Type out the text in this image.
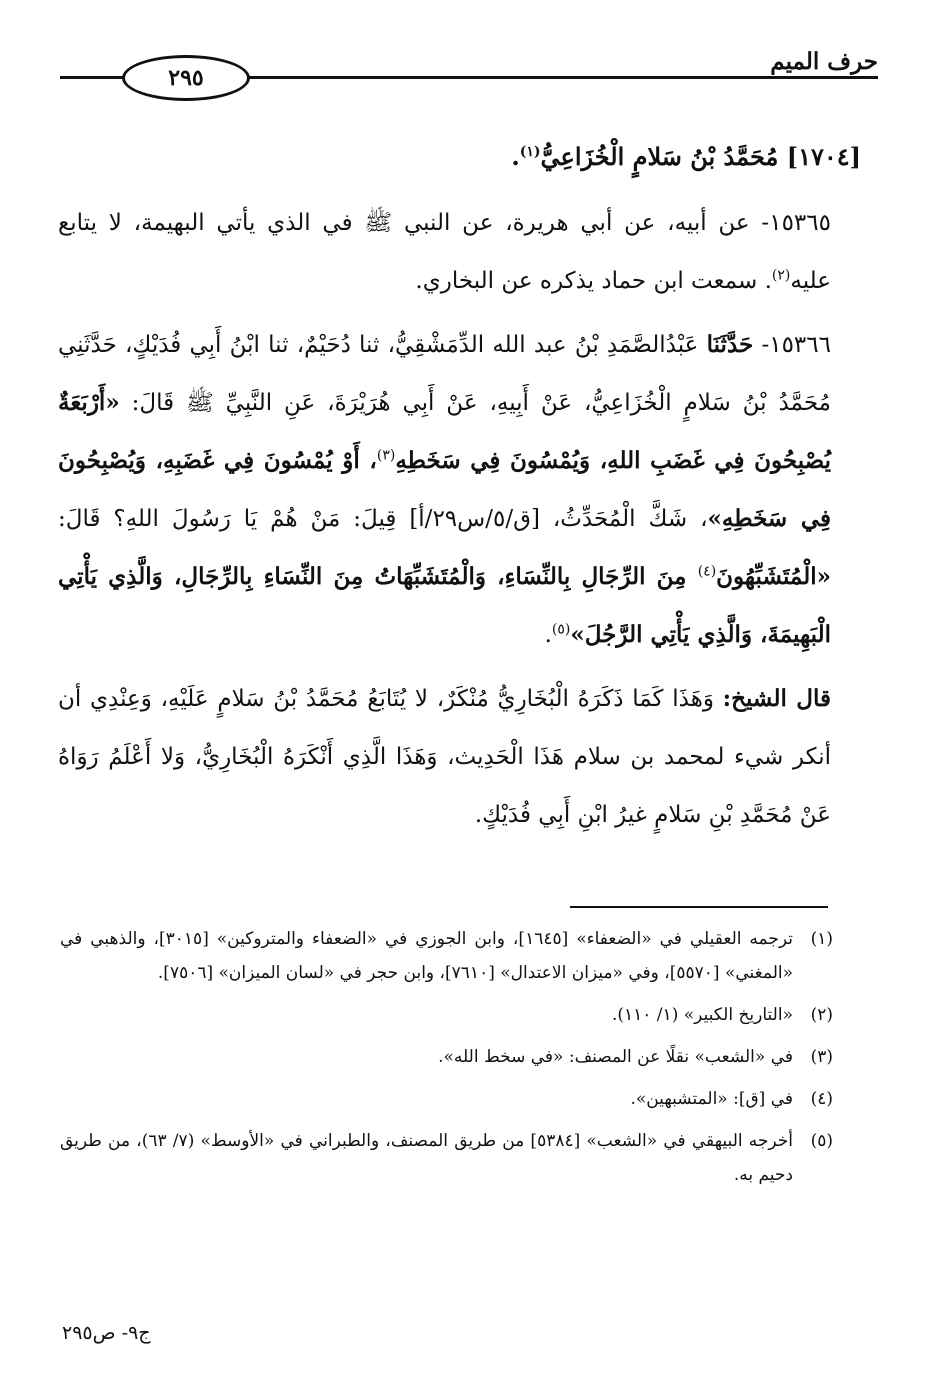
حرف الميم
٢٩٥

[١٧٠٤] مُحَمَّدُ بْنُ سَلامٍ الْخُزَاعِيُّ$^{(١)}$.

١٥٣٦٥- عن أبيه، عن أبي هريرة، عن النبي ﷺ في الذي يأتي البهيمة، لا يتابع عليه$^{(٢)}$. سمعت ابن حماد يذكره عن البخاري.

١٥٣٦٦- حَدَّثَنَا عَبْدُالصَّمَدِ بْنُ عبد الله الدِّمَشْقِيُّ، ثنا دُحَيْمٌ، ثنا ابْنُ أَبِي فُدَيْكٍ، حَدَّثَنِي مُحَمَّدُ بْنُ سَلامٍ الْخُزَاعِيُّ، عَنْ أَبِيهِ، عَنْ أَبِي هُرَيْرَةَ، عَنِ النَّبِيِّ ﷺ قَالَ: «أَرْبَعَةٌ يُصْبِحُونَ فِي غَضَبِ اللهِ، وَيُمْسُونَ فِي سَخَطِهِ$^{(٣)}$، أَوْ يُمْسُونَ فِي غَضَبِهِ، وَيُصْبِحُونَ فِي سَخَطِهِ»، شَكَّ الْمُحَدِّثُ، [ق/٥/س٢٩/أ] قِيلَ: مَنْ هُمْ يَا رَسُولَ اللهِ؟ قَالَ: «الْمُتَشَبِّهُونَ$^{(٤)}$ مِنَ الرِّجَالِ بِالنِّسَاءِ، وَالْمُتَشَبِّهَاتُ مِنَ النِّسَاءِ بِالرِّجَالِ، وَالَّذِي يَأْتِي الْبَهِيمَةَ، وَالَّذِي يَأْتِي الرَّجُلَ»$^{(٥)}$.

قال الشيخ: وَهَذَا كَمَا ذَكَرَهُ الْبُخَارِيُّ مُنْكَرٌ، لا يُتَابَعُ مُحَمَّدُ بْنُ سَلامٍ عَلَيْهِ، وَعِنْدِي أن أنكر شيء لمحمد بن سلام هَذَا الْحَدِيث، وَهَذَا الَّذِي أَنْكَرَهُ الْبُخَارِيُّ، وَلا أَعْلَمُ رَوَاهُ عَنْ مُحَمَّدِ بْنِ سَلامٍ غيرُ ابْنِ أَبِي فُدَيْكٍ.

(١)
ترجمه العقيلي في «الضعفاء» [١٦٤٥]، وابن الجوزي في «الضعفاء والمتروكين» [٣٠١٥]، والذهبي في «المغني» [٥٥٧٠]، وفي «ميزان الاعتدال» [٧٦١٠]، وابن حجر في «لسان الميزان» [٧٥٠٦].
(٢)
«التاريخ الكبير» (١/ ١١٠).
(٣)
في «الشعب» نقلًا عن المصنف: «في سخط الله».
(٤)
في [ق]: «المتشبهين».
(٥)
أخرجه البيهقي في «الشعب» [٥٣٨٤] من طريق المصنف، والطبراني في «الأوسط» (٧/ ٦٣)، من طريق دحيم به.
ج٩- ص٢٩٥
